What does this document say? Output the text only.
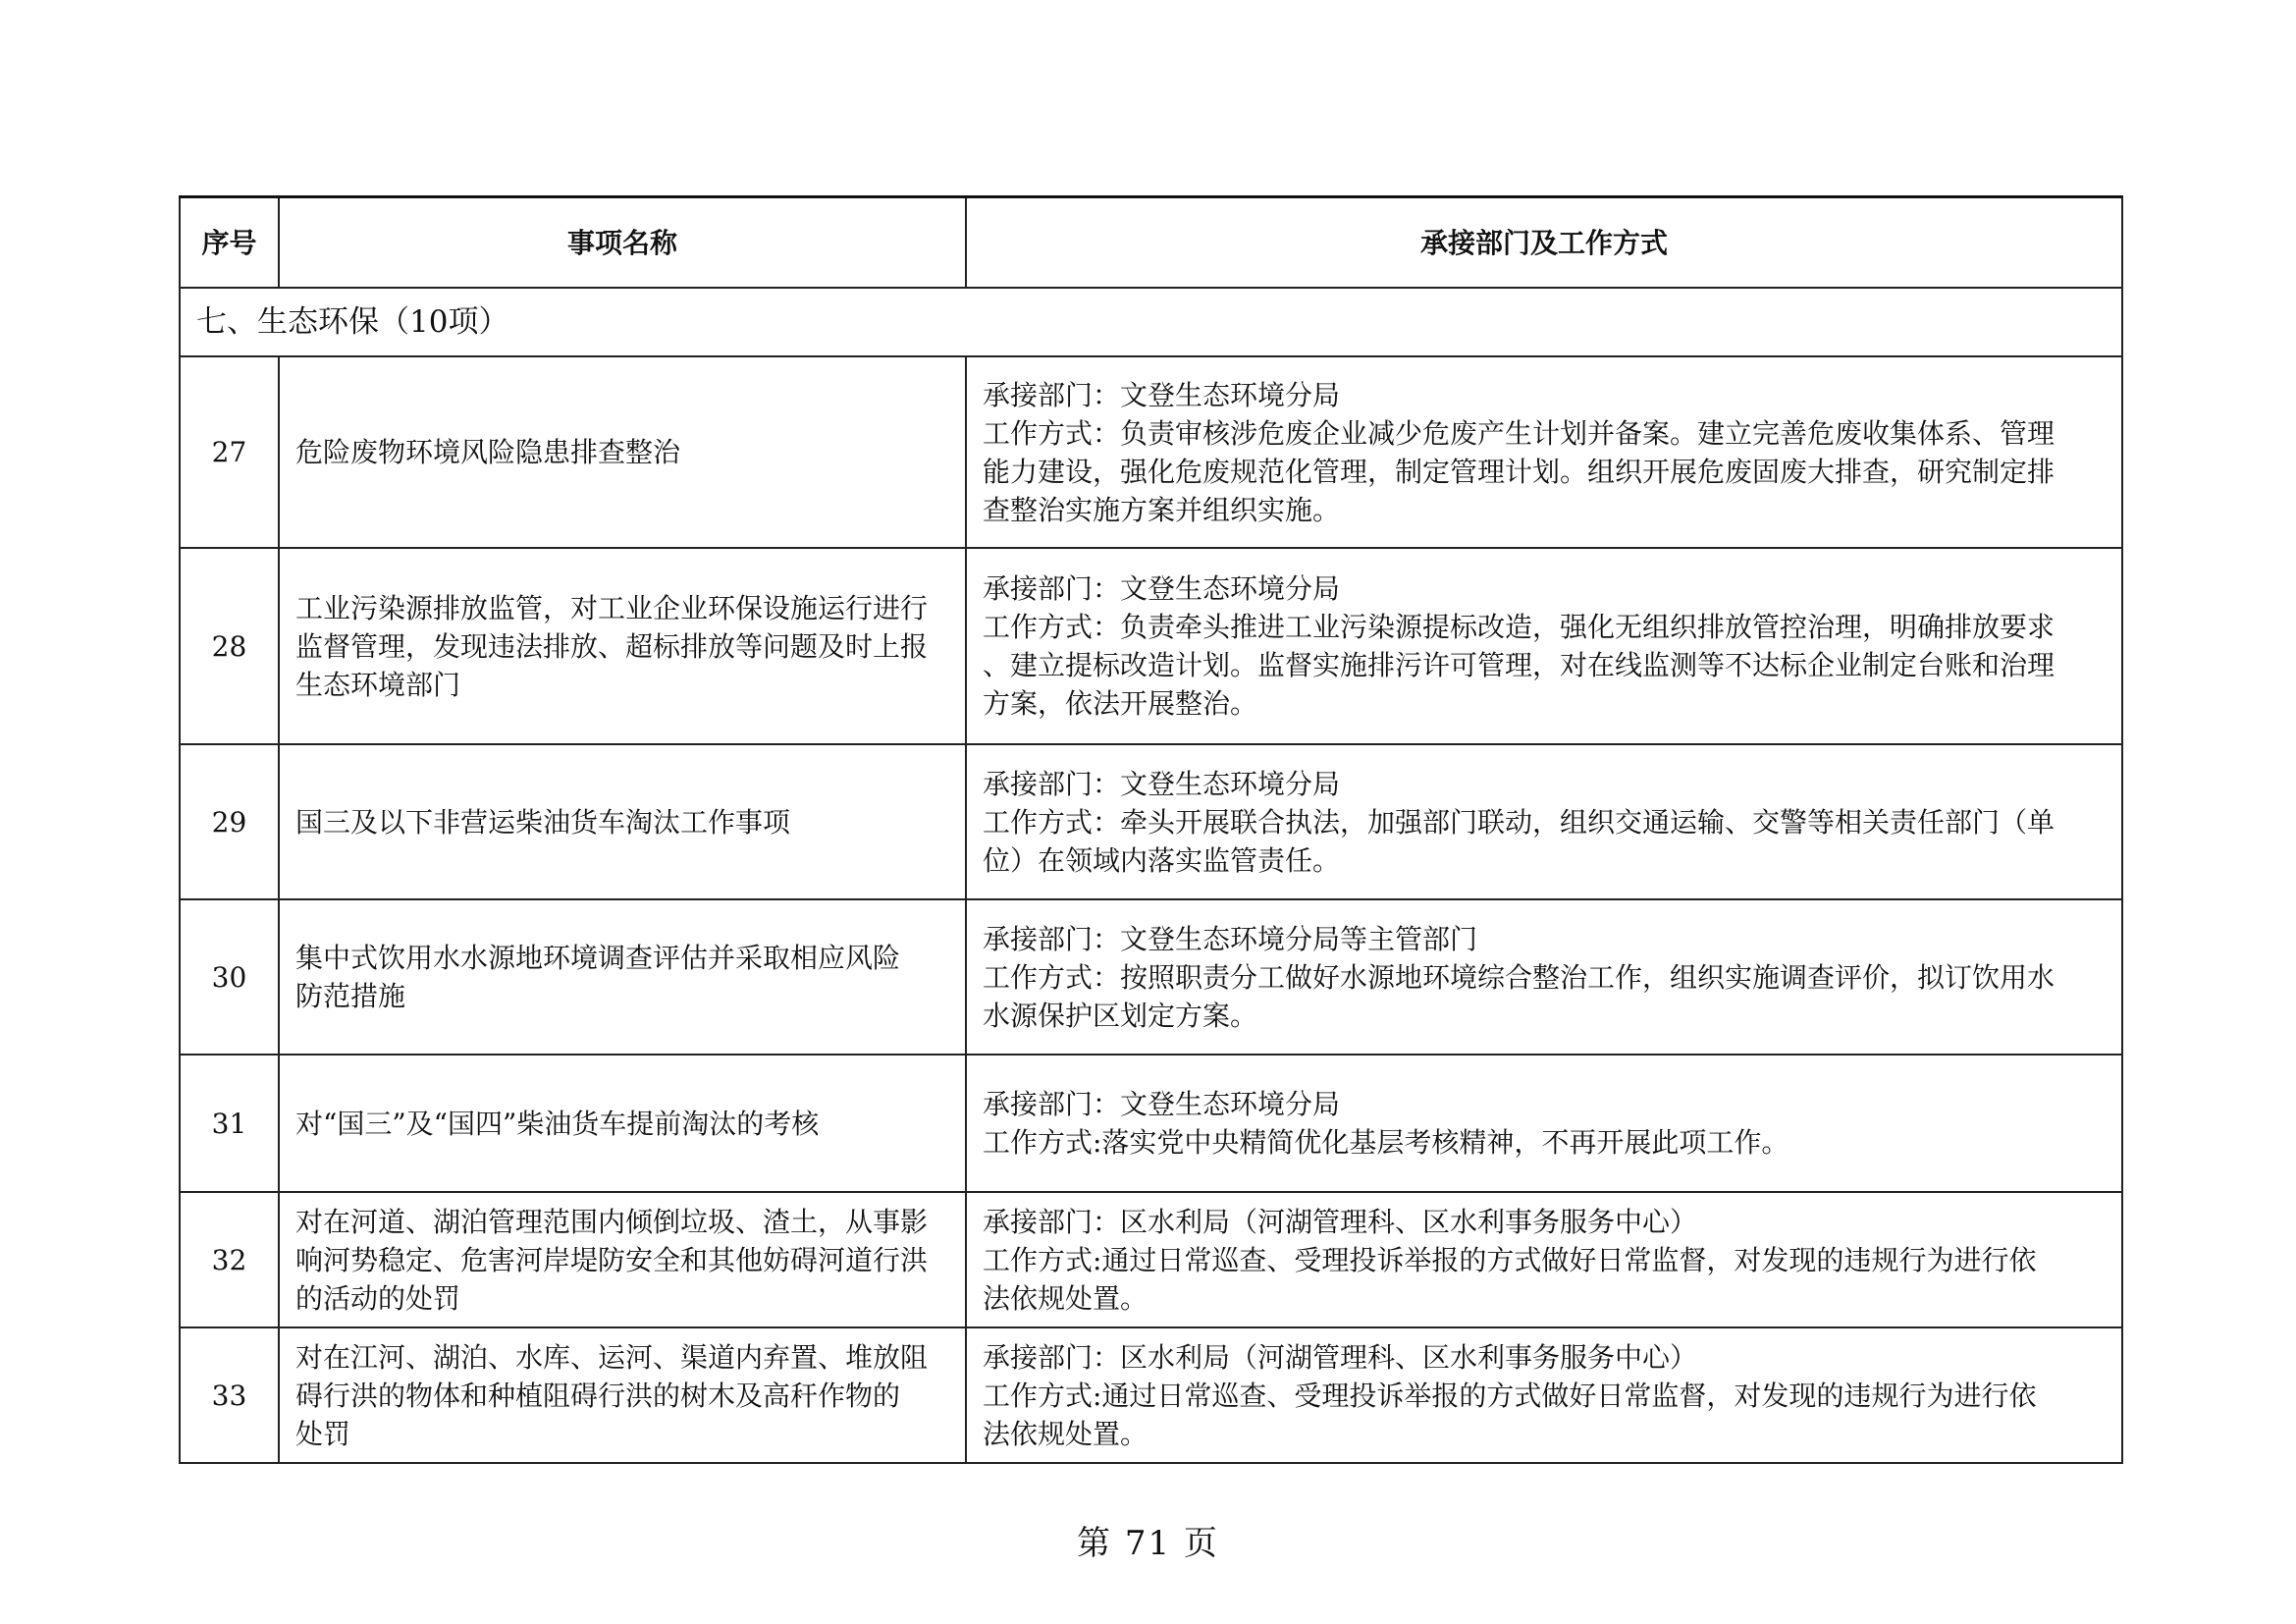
序号	事项名称	承接部门及工作方式
七、生态环保（10项）		
27	危险废物环境风险隐患排查整治	承接部门：文登生态环境分局
工作方式：负责审核涉危废企业减少危废产生计划并备案。建立完善危废收集体系、管理
能力建设，强化危废规范化管理，制定管理计划。组织开展危废固废大排查，研究制定排
查整治实施方案并组织实施。

28	工业污染源排放监管，对工业企业环保设施运行进行
监督管理，发现违法排放、超标排放等问题及时上报
生态环境部门	承接部门：文登生态环境分局
工作方式：负责牵头推进工业污染源提标改造，强化无组织排放管控治理，明确排放要求
、建立提标改造计划。监督实施排污许可管理，对在线监测等不达标企业制定台账和治理
方案，依法开展整治。

29	国三及以下非营运柴油货车淘汰工作事项	承接部门：文登生态环境分局
工作方式：牵头开展联合执法，加强部门联动，组织交通运输、交警等相关责任部门（单
位）在领域内落实监管责任。

30	集中式饮用水水源地环境调查评估并采取相应风险
防范措施	承接部门：文登生态环境分局等主管部门
工作方式：按照职责分工做好水源地环境综合整治工作，组织实施调查评价，拟订饮用水
水源保护区划定方案。

31	对“国三”及“国四”柴油货车提前淘汰的考核	承接部门：文登生态环境分局
工作方式:落实党中央精简优化基层考核精神，不再开展此项工作。

32	对在河道、湖泊管理范围内倾倒垃圾、渣土，从事影
响河势稳定、危害河岸堤防安全和其他妨碍河道行洪
的活动的处罚	承接部门：区水利局（河湖管理科、区水利事务服务中心）
工作方式:通过日常巡查、受理投诉举报的方式做好日常监督，对发现的违规行为进行依
法依规处置。

33	对在江河、湖泊、水库、运河、渠道内弃置、堆放阻
碍行洪的物体和种植阻碍行洪的树木及高秆作物的
处罚	承接部门：区水利局（河湖管理科、区水利事务服务中心）
工作方式:通过日常巡查、受理投诉举报的方式做好日常监督，对发现的违规行为进行依
法依规处置。
第 71 页
